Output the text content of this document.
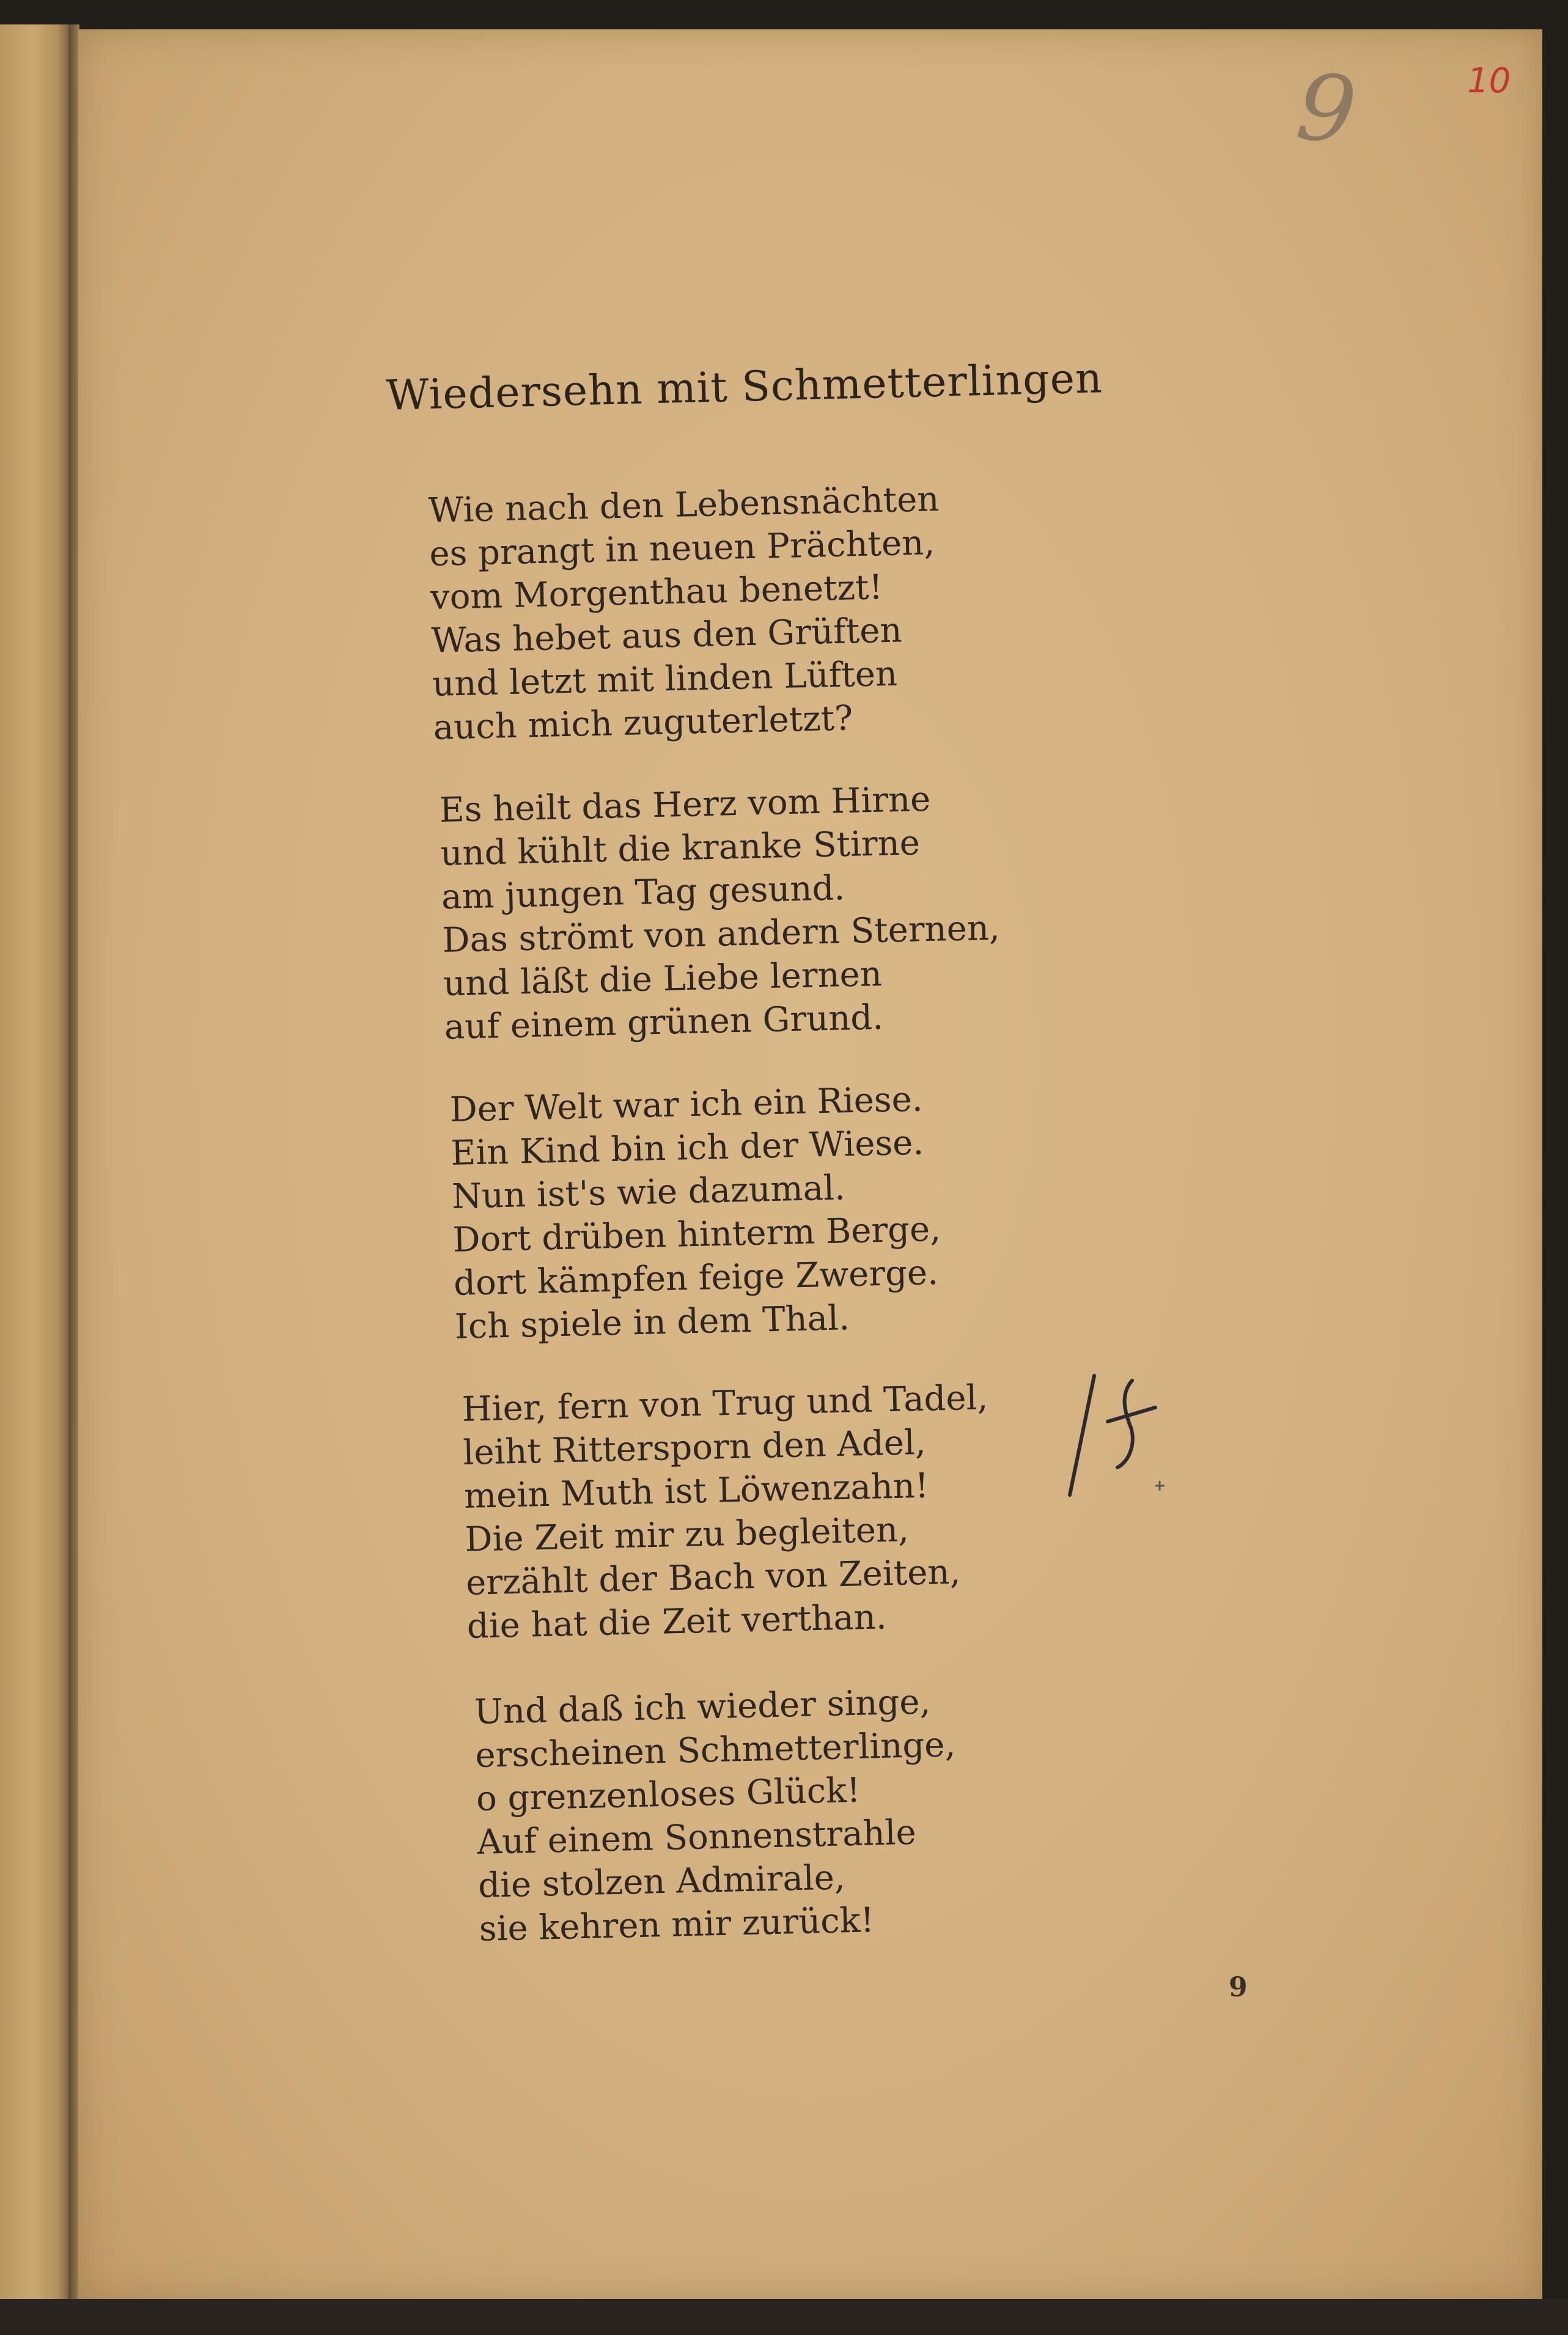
9	10
Wiedersehn mit Schmetterlingen
Wie nach den Lebensnächten
es prangt in neuen Prächten,
vom Morgenthau benetzt!
Was hebet aus den Grüften
und letzt mit linden Lüften
auch mich zuguterletzt?
Es heilt das Herz vom Hirne
und kühlt die kranke Stirne
am jungen Tag gesund.
Das strömt von andern Sternen,
und läßt die Liebe lernen
auf einem grünen Grund.
Der Welt war ich ein Riese.
Ein Kind bin ich der Wiese.
Nun ist's wie dazumal.
Dort drüben hinterm Berge,
dort kämpfen feige Zwerge.
Ich spiele in dem Thal.
Hier, fern von Trug und Tadel,
leiht Rittersporn den Adel,
mein Muth ist Löwenzahn!
Die Zeit mir zu begleiten,
erzählt der Bach von Zeiten,
die hat die Zeit verthan.
Und daß ich wieder singe,
erscheinen Schmetterlinge,
o grenzenloses Glück!
Auf einem Sonnenstrahle
die stolzen Admirale,
sie kehren mir zurück!
9
